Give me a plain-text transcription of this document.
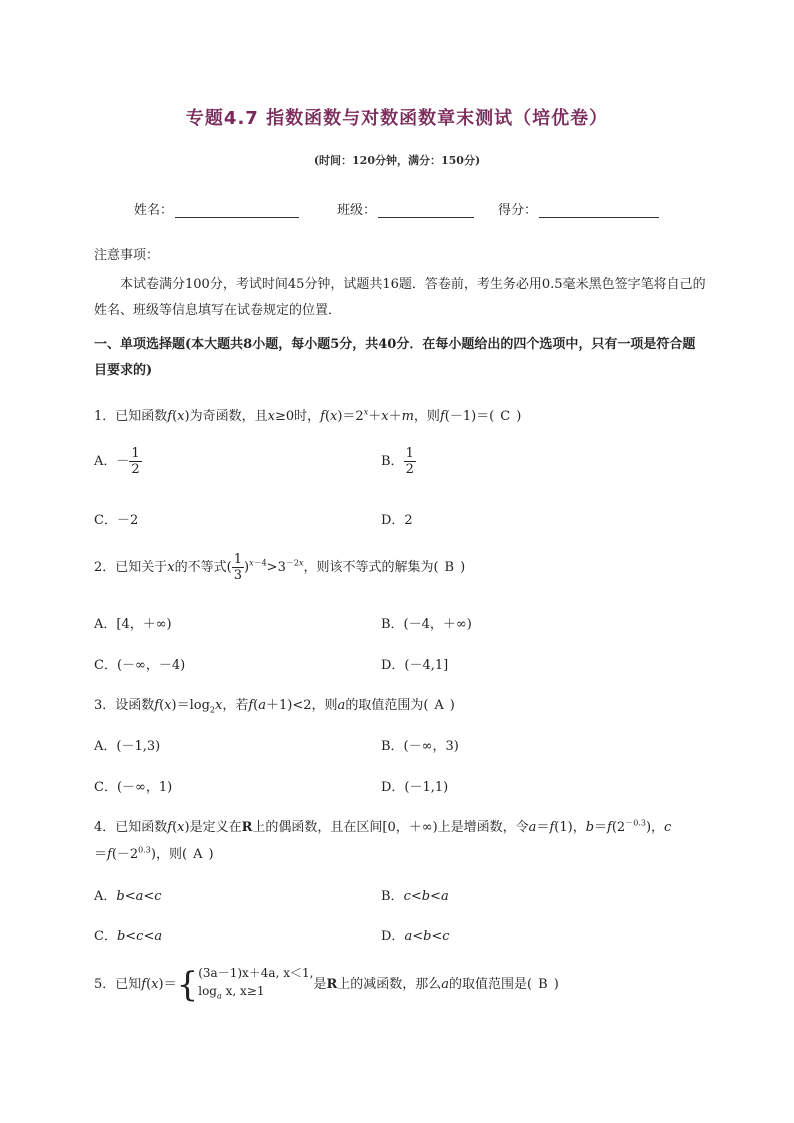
专题4.7 指数函数与对数函数章末测试（培优卷）
(时间：120分钟，满分：150分)
姓名：	班级：	得分：
注意事项：
本试卷满分100分，考试时间45分钟，试题共16题．答卷前，考生务必用0.5毫米黑色签字笔将自己的姓名、班级等信息填写在试卷规定的位置．
一、单项选择题(本大题共8小题，每小题5分，共40分．在每小题给出的四个选项中，只有一项是符合题目要求的)
1．已知函数f(x)为奇函数，且x≥0时，$f(x)=2^x+x+m$，则f(－1)＝( C )
A．－ $\frac{1}{2}$	B． $\frac{1}{2}$
C．－2	D．2
2．已知关于x的不等式( $\frac{1}{3} )^{x-4}>3^{-2x}$，则该不等式的解集为( B )
A．[4，＋∞)	B．(－4，＋∞)
C．(－∞，－4)	D．(－4,1]
3．设函数$f(x)=\log_2x$，若f(a＋1)<2，则a的取值范围为( A )
A．(－1,3)	B．(－∞，3)
C．(－∞，1)	D．(－1,1)
4．已知函数f(x)是定义在R上的偶函数，且在区间[0，＋∞)上是增函数，令a＝f(1)，$b=f(2^{-0.3})$，c
$=f(-2^{0.3})$，则( A )
A．b<a<c	B．c<b<a
C．b<c<a	D．a<b<c
5．已知f(x)＝{(3a－1)x＋4a, x＜1,
$\log_a x$, x≥1	是R上的减函数，那么a的取值范围是( B )
